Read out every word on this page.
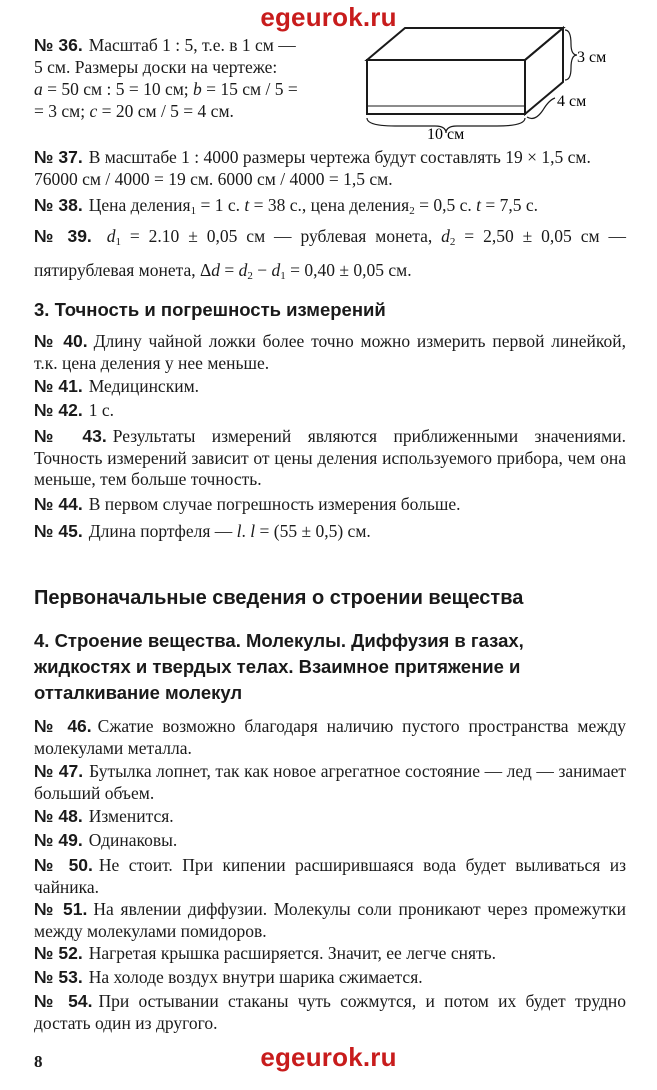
egeurok.ru
№ 36. Масштаб 1 : 5, т.е. в 1 см —
5 см. Размеры доски на чертеже:
a = 50 см : 5 = 10 см; b = 15 см / 5 =
= 3 см; c = 20 см / 5 = 4 см.
3 см
4 см
10 см
№ 37. В масштабе 1 : 4000 размеры чертежа будут составлять 19 × 1,5 см.
76000 см / 4000 = 19 см. 6000 см / 4000 = 1,5 см.
№ 38. Цена деления$_1$ = 1 с. t = 38 с., цена деления$_2$ = 0,5 с. t = 7,5 с.
№ 39. $d_1 = 2.10 \pm 0,05$ см — рублевая монета, $d_2 = 2,50 \pm 0,05$ см — пятирублевая монета, $\Delta d = d_2 - d_1 = 0,40 \pm 0,05$ см.
3. Точность и погрешность измерений
№ 40. Длину чайной ложки более точно можно измерить первой линейкой, т.к. цена деления у нее меньше.
№ 41. Медицинским.
№ 42. 1 с.
№ 43. Результаты измерений являются приближенными значениями. Точность измерений зависит от цены деления используемого прибора, чем она меньше, тем больше точность.
№ 44. В первом случае погрешность измерения больше.
№ 45. Длина портфеля — l. l = (55 ± 0,5) см.
Первоначальные сведения о строении вещества
4. Строение вещества. Молекулы. Диффузия в газах, жидкостях и твердых телах. Взаимное притяжение и отталкивание молекул
№ 46. Сжатие возможно благодаря наличию пустого пространства между молекулами металла.
№ 47. Бутылка лопнет, так как новое агрегатное состояние — лед — занимает больший объем.
№ 48. Изменится.
№ 49. Одинаковы.
№ 50. Не стоит. При кипении расширившаяся вода будет выливаться из чайника.
№ 51. На явлении диффузии. Молекулы соли проникают через промежутки между молекулами помидоров.
№ 52. Нагретая крышка расширяется. Значит, ее легче снять.
№ 53. На холоде воздух внутри шарика сжимается.
№ 54. При остывании стаканы чуть сожмутся, и потом их будет трудно достать один из другого.
8	egeurok.ru
